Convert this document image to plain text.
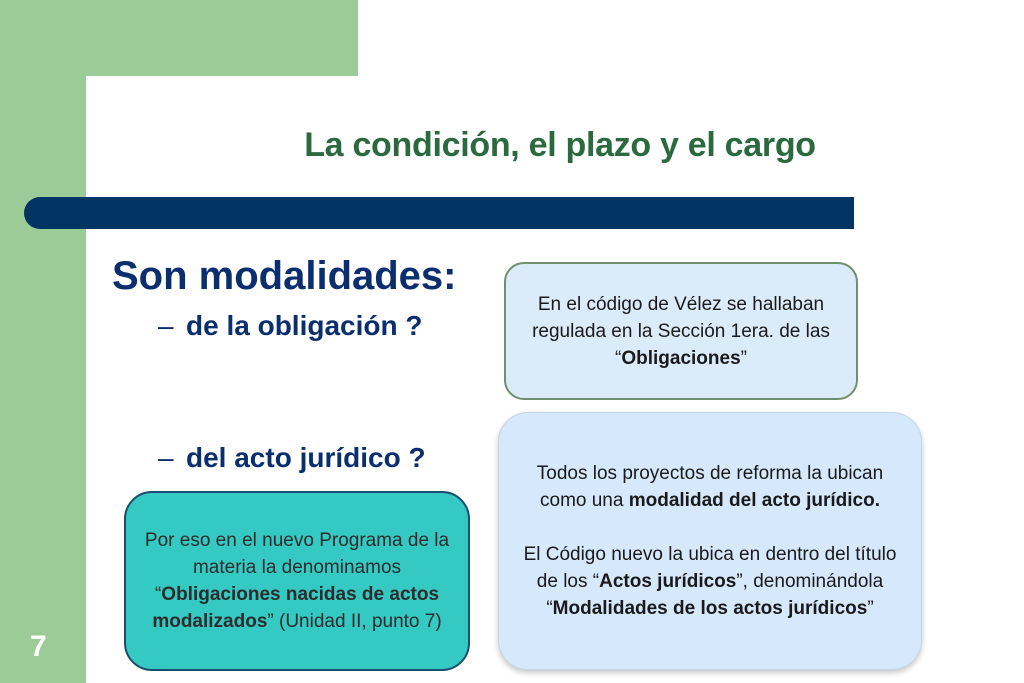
La condición, el plazo y el cargo
Son modalidades:
– de la obligación ?
– del acto jurídico ?

En el código de Vélez se hallaban regulada en la Sección 1era. de las “Obligaciones”

Todos los proyectos de reforma la ubican como una modalidad del acto jurídico.

El Código nuevo la ubica en dentro del título de los “Actos jurídicos”, denominándola “Modalidades de los actos jurídicos”

Por eso en el nuevo Programa de la materia la denominamos “Obligaciones nacidas de actos modalizados” (Unidad II, punto 7)

7
